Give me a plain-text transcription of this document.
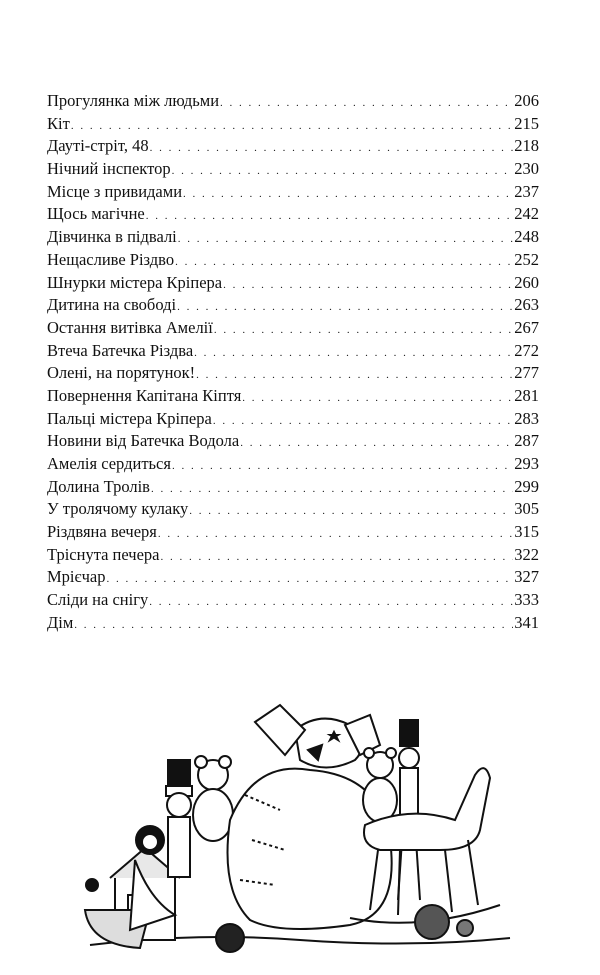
Прогулянка між людьми . . .	206
Кіт . . .	215
Дауті-стріт, 48 . . .	218
Нічний інспектор . . .	230
Місце з привидами . . .	237
Щось магічне . . .	242
Дівчинка в підвалі . . .	248
Нещасливе Різдво . . .	252
Шнурки містера Кріпера . . .	260
Дитина на свободі . . .	263
Остання витівка Амелії . . .	267
Втеча Батечка Різдва . . .	272
Олені, на порятунок! . . .	277
Повернення Капітана Кіптя . . .	281
Пальці містера Кріпера . . .	283
Новини від Батечка Водола . . .	287
Амелія сердиться . . .	293
Долина Тролів . . .	299
У тролячому кулаку . . .	305
Різдвяна вечеря . . .	315
Тріснута печера . . .	322
Мрієчар . . .	327
Сліди на снігу . . .	333
Дім . . .	341
